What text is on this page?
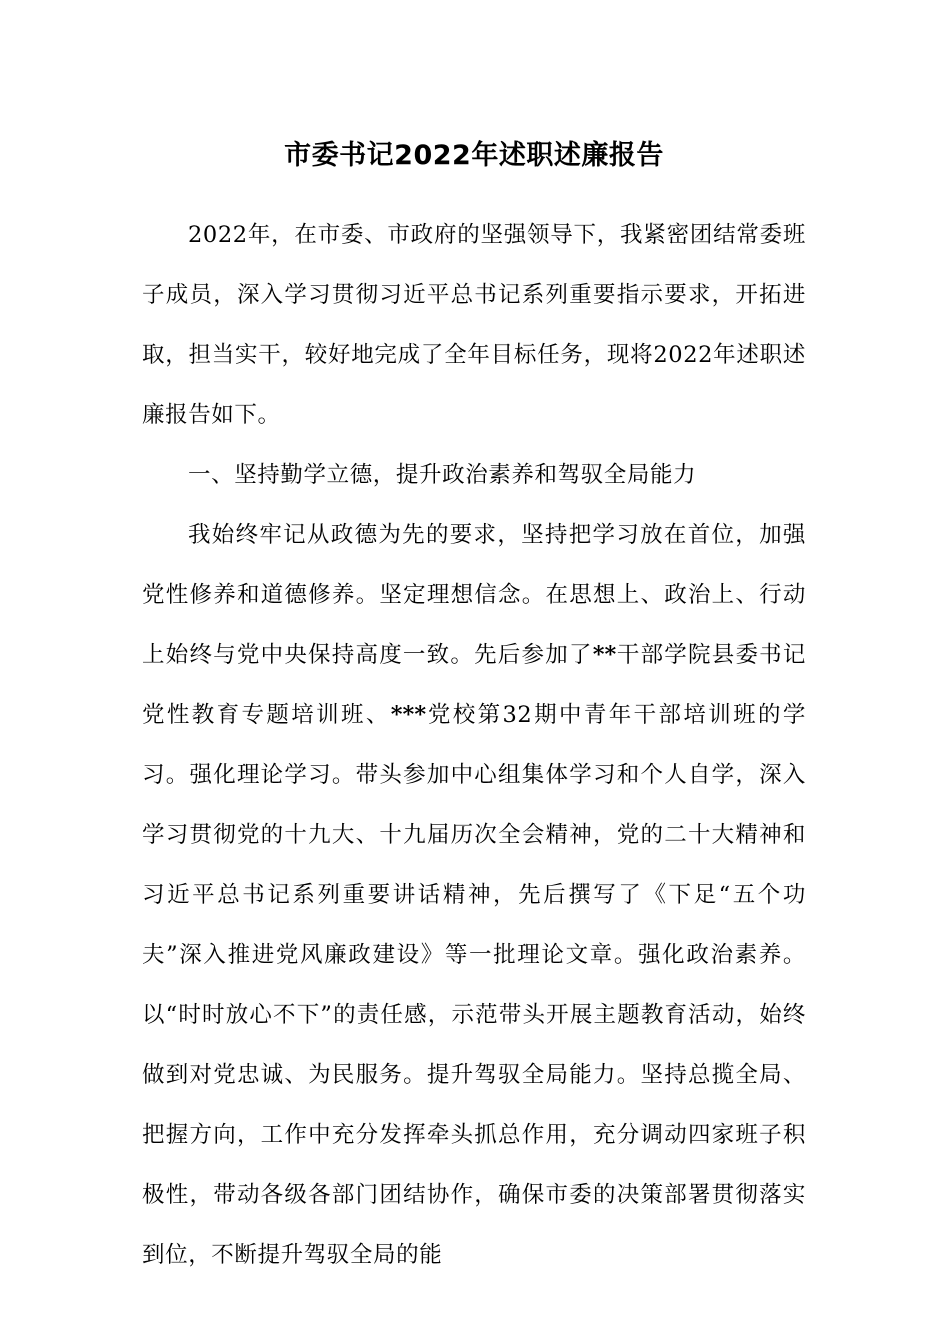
市委书记2022年述职述廉报告

2022年，在市委、市政府的坚强领导下，我紧密团结常委班子成员，深入学习贯彻习近平总书记系列重要指示要求，开拓进取，担当实干，较好地完成了全年目标任务，现将2022年述职述廉报告如下。

一、坚持勤学立德，提升政治素养和驾驭全局能力

我始终牢记从政德为先的要求，坚持把学习放在首位，加强党性修养和道德修养。坚定理想信念。在思想上、政治上、行动上始终与党中央保持高度一致。先后参加了**干部学院县委书记党性教育专题培训班、***党校第32期中青年干部培训班的学习。强化理论学习。带头参加中心组集体学习和个人自学，深入学习贯彻党的十九大、十九届历次全会精神，党的二十大精神和习近平总书记系列重要讲话精神，先后撰写了《下足“五个功夫”深入推进党风廉政建设》等一批理论文章。强化政治素养。以“时时放心不下”的责任感，示范带头开展主题教育活动，始终做到对党忠诚、为民服务。提升驾驭全局能力。坚持总揽全局、把握方向，工作中充分发挥牵头抓总作用，充分调动四家班子积极性，带动各级各部门团结协作，确保市委的决策部署贯彻落实到位，不断提升驾驭全局的能
